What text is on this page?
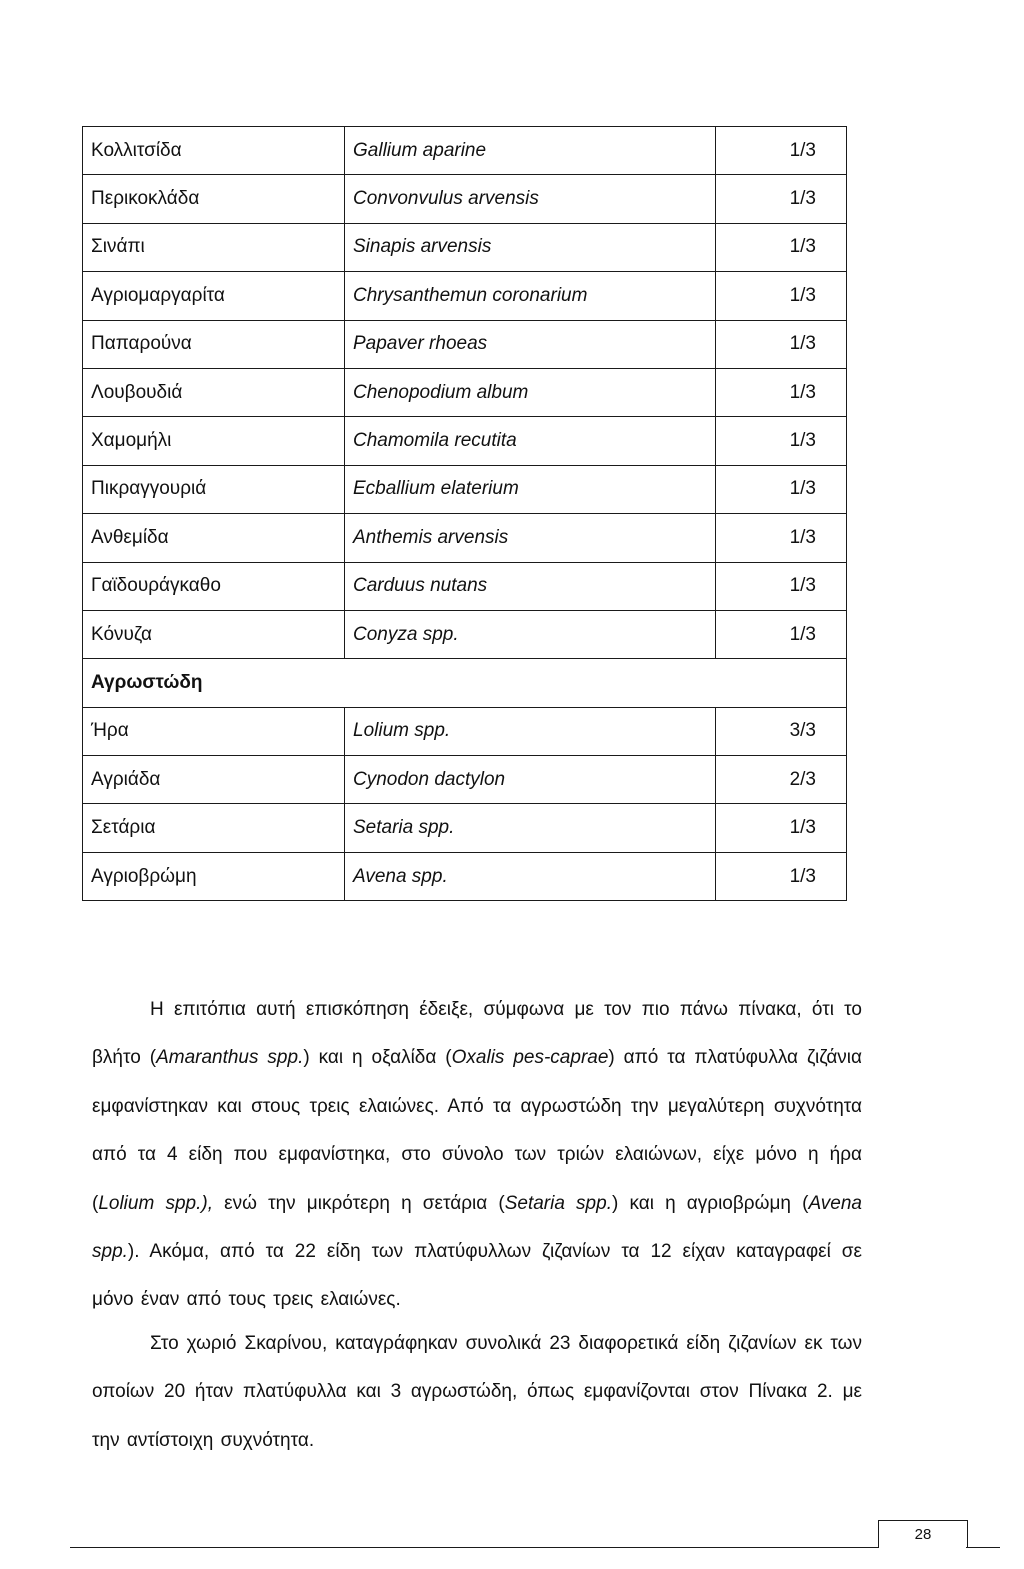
Κολλιτσίδα	Gallium aparine	1/3
Περικοκλάδα	Convonvulus arvensis	1/3
Σινάπι	Sinapis arvensis	1/3
Αγριομαργαρίτα	Chrysanthemun coronarium	1/3
Παπαρούνα	Papaver rhoeas	1/3
Λουβουδιά	Chenopodium album	1/3
Χαμομήλι	Chamomila recutita	1/3
Πικραγγουριά	Ecballium elaterium	1/3
Ανθεμίδα	Anthemis arvensis	1/3
Γαϊδουράγκαθο	Carduus nutans	1/3
Κόνυζα	Conyza spp.	1/3
Αγρωστώδη		
Ήρα	Lolium spp.	3/3
Αγριάδα	Cynodon dactylon	2/3
Σετάρια	Setaria spp.	1/3
Αγριοβρώμη	Avena spp.	1/3

Η επιτόπια αυτή επισκόπηση έδειξε, σύμφωνα με τον πιο πάνω πίνακα, ότι το βλήτο (Amaranthus spp.) και η οξαλίδα (Oxalis pes-caprae) από τα πλατύφυλλα ζιζάνια εμφανίστηκαν και στους τρεις ελαιώνες. Από τα αγρωστώδη την μεγαλύτερη συχνότητα από τα 4 είδη που εμφανίστηκα, στο σύνολο των τριών ελαιώνων, είχε μόνο η ήρα (Lolium spp.), ενώ την μικρότερη η σετάρια (Setaria spp.) και η αγριοβρώμη (Avena spp.). Ακόμα, από τα 22 είδη των πλατύφυλλων ζιζανίων τα 12 είχαν καταγραφεί σε μόνο έναν από τους τρεις ελαιώνες.

Στο χωριό Σκαρίνου, καταγράφηκαν συνολικά 23 διαφορετικά είδη ζιζανίων εκ των οποίων 20 ήταν πλατύφυλλα και 3 αγρωστώδη, όπως εμφανίζονται στον Πίνακα 2. με την αντίστοιχη συχνότητα.

28
